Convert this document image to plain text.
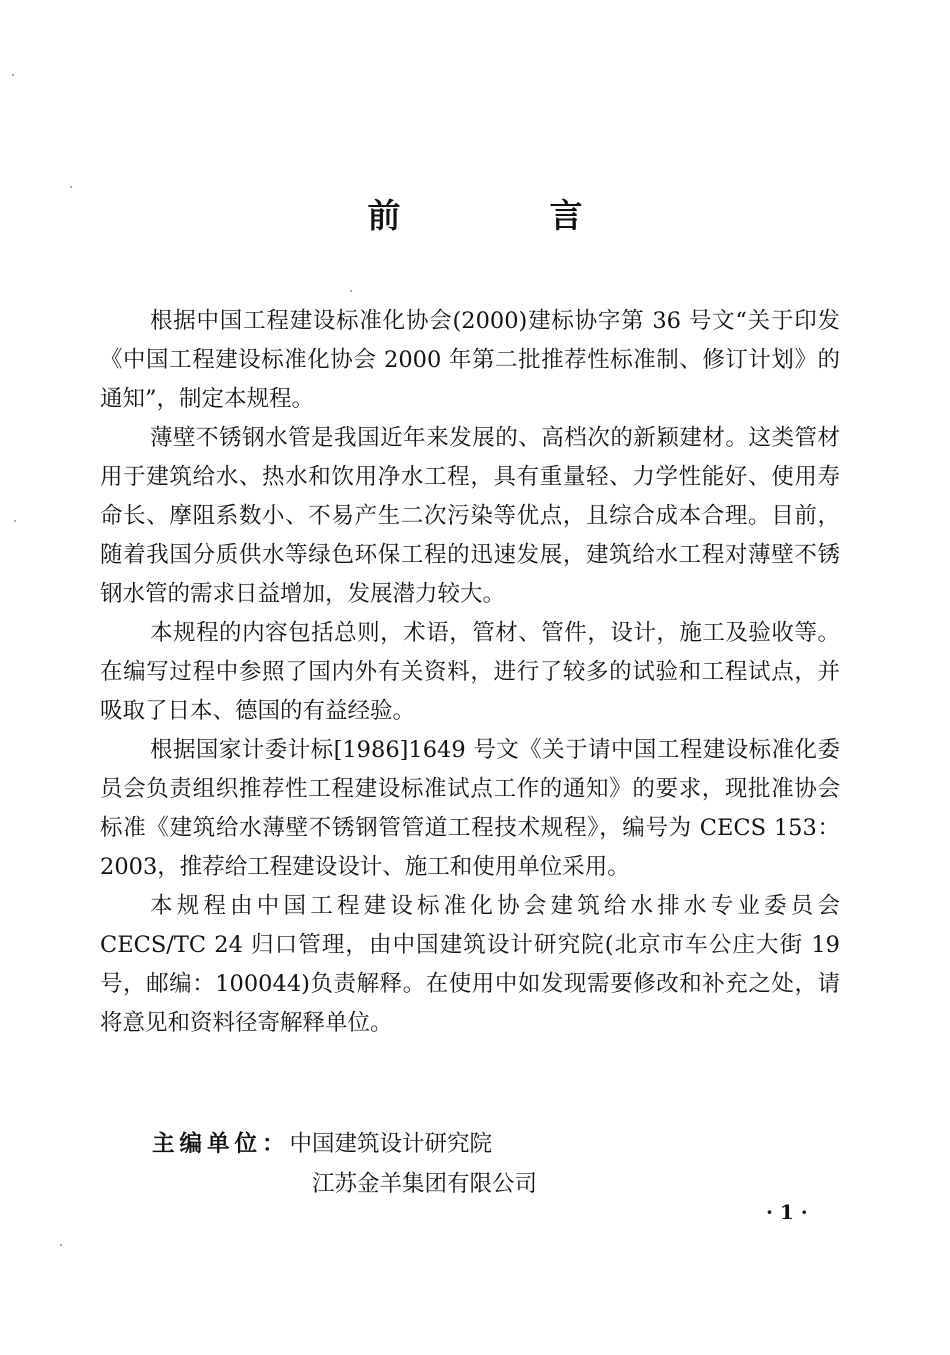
前　言

根据中国工程建设标准化协会(2000)建标协字第 36 号文“关于印发《中国工程建设标准化协会 2000 年第二批推荐性标准制、修订计划》的通知”，制定本规程。

薄壁不锈钢水管是我国近年来发展的、高档次的新颖建材。这类管材用于建筑给水、热水和饮用净水工程，具有重量轻、力学性能好、使用寿命长、摩阻系数小、不易产生二次污染等优点，且综合成本合理。目前，随着我国分质供水等绿色环保工程的迅速发展，建筑给水工程对薄壁不锈钢水管的需求日益增加，发展潜力较大。

本规程的内容包括总则，术语，管材、管件，设计，施工及验收等。在编写过程中参照了国内外有关资料，进行了较多的试验和工程试点，并吸取了日本、德国的有益经验。

根据国家计委计标[1986]1649 号文《关于请中国工程建设标准化委员会负责组织推荐性工程建设标准试点工作的通知》的要求，现批准协会标准《建筑给水薄壁不锈钢管管道工程技术规程》，编号为 CECS 153：2003，推荐给工程建设设计、施工和使用单位采用。

本规程由中国工程建设标准化协会建筑给水排水专业委员会 CECS/TC 24 归口管理，由中国建筑设计研究院(北京市车公庄大街 19 号，邮编：100044)负责解释。在使用中如发现需要修改和补充之处，请将意见和资料径寄解释单位。

主编单位：中国建筑设计研究院
江苏金羊集团有限公司
· 1 ·
